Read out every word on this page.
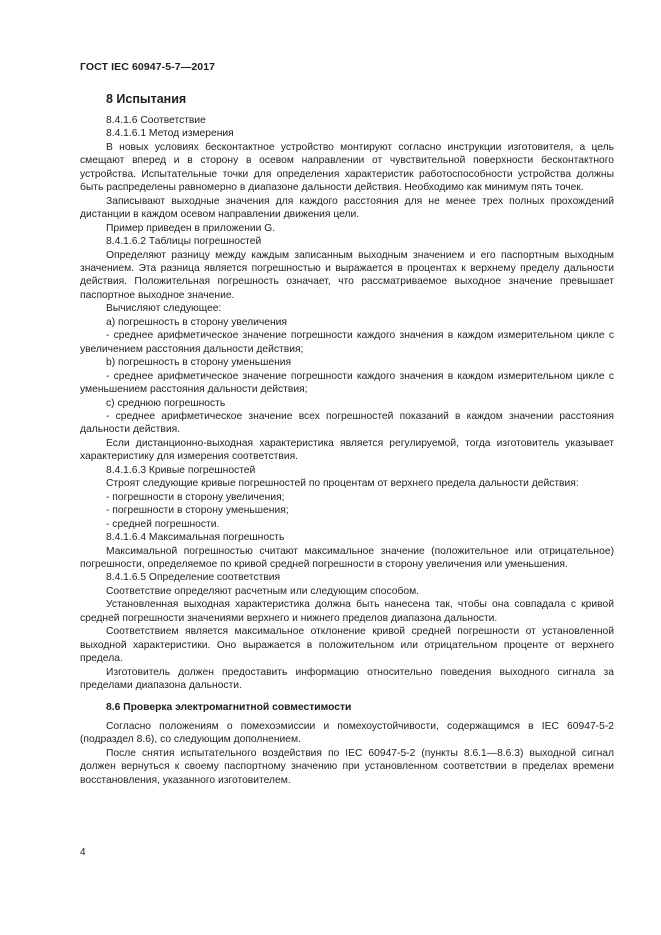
ГОСТ IEC 60947-5-7—2017
8 Испытания

8.4.1.6 Соответствие

8.4.1.6.1 Метод измерения

В новых условиях бесконтактное устройство монтируют согласно инструкции изготовителя, а цель смещают вперед и в сторону в осевом направлении от чувствительной поверхности бесконтактного устройства. Испытательные точки для определения характеристик работоспособности устройства должны быть распределены равномерно в диапазоне дальности действия. Необходимо как минимум пять точек.

Записывают выходные значения для каждого расстояния для не менее трех полных прохождений дистанции в каждом осевом направлении движения цели.

Пример приведен в приложении G.

8.4.1.6.2 Таблицы погрешностей

Определяют разницу между каждым записанным выходным значением и его паспортным выходным значением. Эта разница является погрешностью и выражается в процентах к верхнему пределу дальности действия. Положительная погрешность означает, что рассматриваемое выходное значение превышает паспортное выходное значение.

Вычисляют следующее:

a) погрешность в сторону увеличения

- среднее арифметическое значение погрешности каждого значения в каждом измерительном цикле с увеличением расстояния дальности действия;

b) погрешность в сторону уменьшения

- среднее арифметическое значение погрешности каждого значения в каждом измерительном цикле с уменьшением расстояния дальности действия;

c) среднюю погрешность

- среднее арифметическое значение всех погрешностей показаний в каждом значении расстояния дальности действия.

Если дистанционно-выходная характеристика является регулируемой, тогда изготовитель указывает характеристику для измерения соответствия.

8.4.1.6.3 Кривые погрешностей

Строят следующие кривые погрешностей по процентам от верхнего предела дальности действия:

- погрешности в сторону увеличения;

- погрешности в сторону уменьшения;

- средней погрешности.

8.4.1.6.4 Максимальная погрешность

Максимальной погрешностью считают максимальное значение (положительное или отрицательное) погрешности, определяемое по кривой средней погрешности в сторону увеличения или уменьшения.

8.4.1.6.5 Определение соответствия

Соответствие определяют расчетным или следующим способом.

Установленная выходная характеристика должна быть нанесена так, чтобы она совпадала с кривой средней погрешности значениями верхнего и нижнего пределов диапазона дальности.

Соответствием является максимальное отклонение кривой средней погрешности от установленной выходной характеристики. Оно выражается в положительном или отрицательном проценте от верхнего предела.

Изготовитель должен предоставить информацию относительно поведения выходного сигнала за пределами диапазона дальности.

8.6 Проверка электромагнитной совместимости

Согласно положениям о помехоэмиссии и помехоустойчивости, содержащимся в IEC 60947-5-2 (подраздел 8.6), со следующим дополнением.

После снятия испытательного воздействия по IEC 60947-5-2 (пункты 8.6.1—8.6.3) выходной сигнал должен вернуться к своему паспортному значению при установленном соответствии в пределах времени восстановления, указанного изготовителем.

4
